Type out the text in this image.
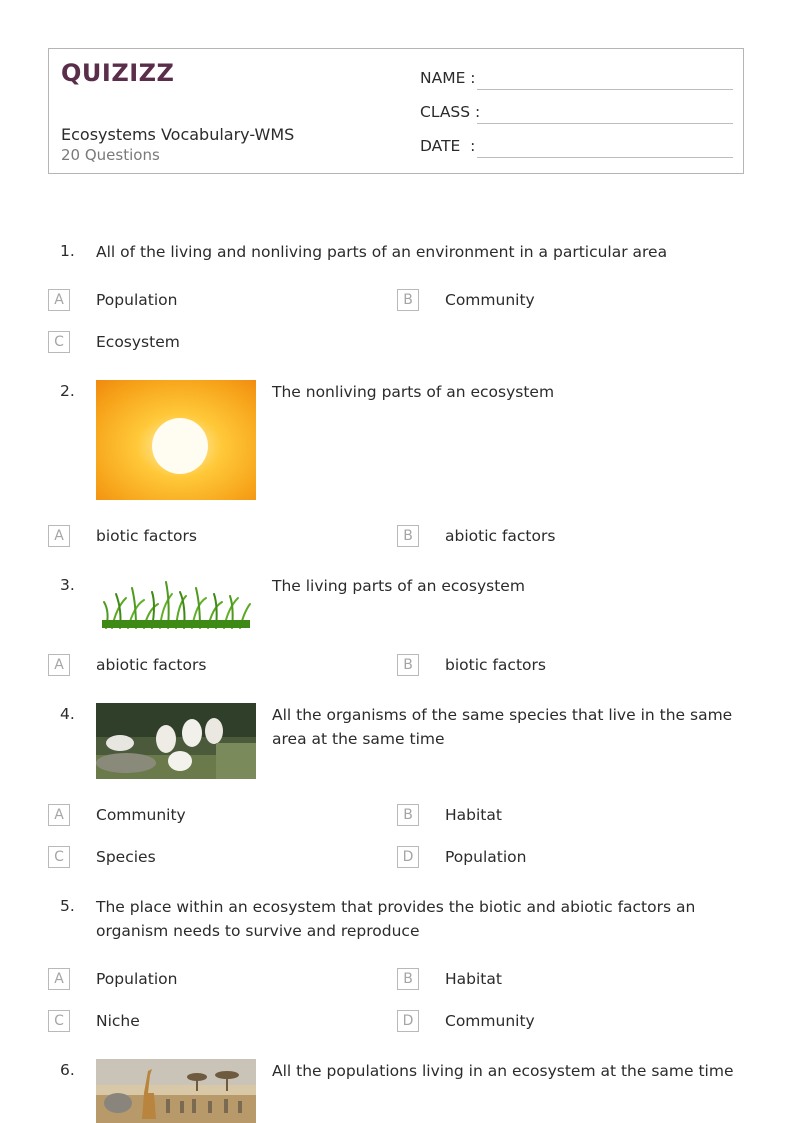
QUIZIZZ
Ecosystems Vocabulary-WMS
20 Questions
NAME :
CLASS :
DATE  :
1. All of the living and nonliving parts of an environment in a particular area
A	Population	B	Community
C	Ecosystem
2.	The nonliving parts of an ecosystem
A	biotic factors	B	abiotic factors
3.	The living parts of an ecosystem
A	abiotic factors	B	biotic factors
4.	All the organisms of the same species that live in the same area at the same time
A	Community	B	Habitat
C	Species	D	Population
5. The place within an ecosystem that provides the biotic and abiotic factors an organism needs to survive and reproduce
A	Population	B	Habitat
C	Niche	D	Community
6.	All the populations living in an ecosystem at the same time
